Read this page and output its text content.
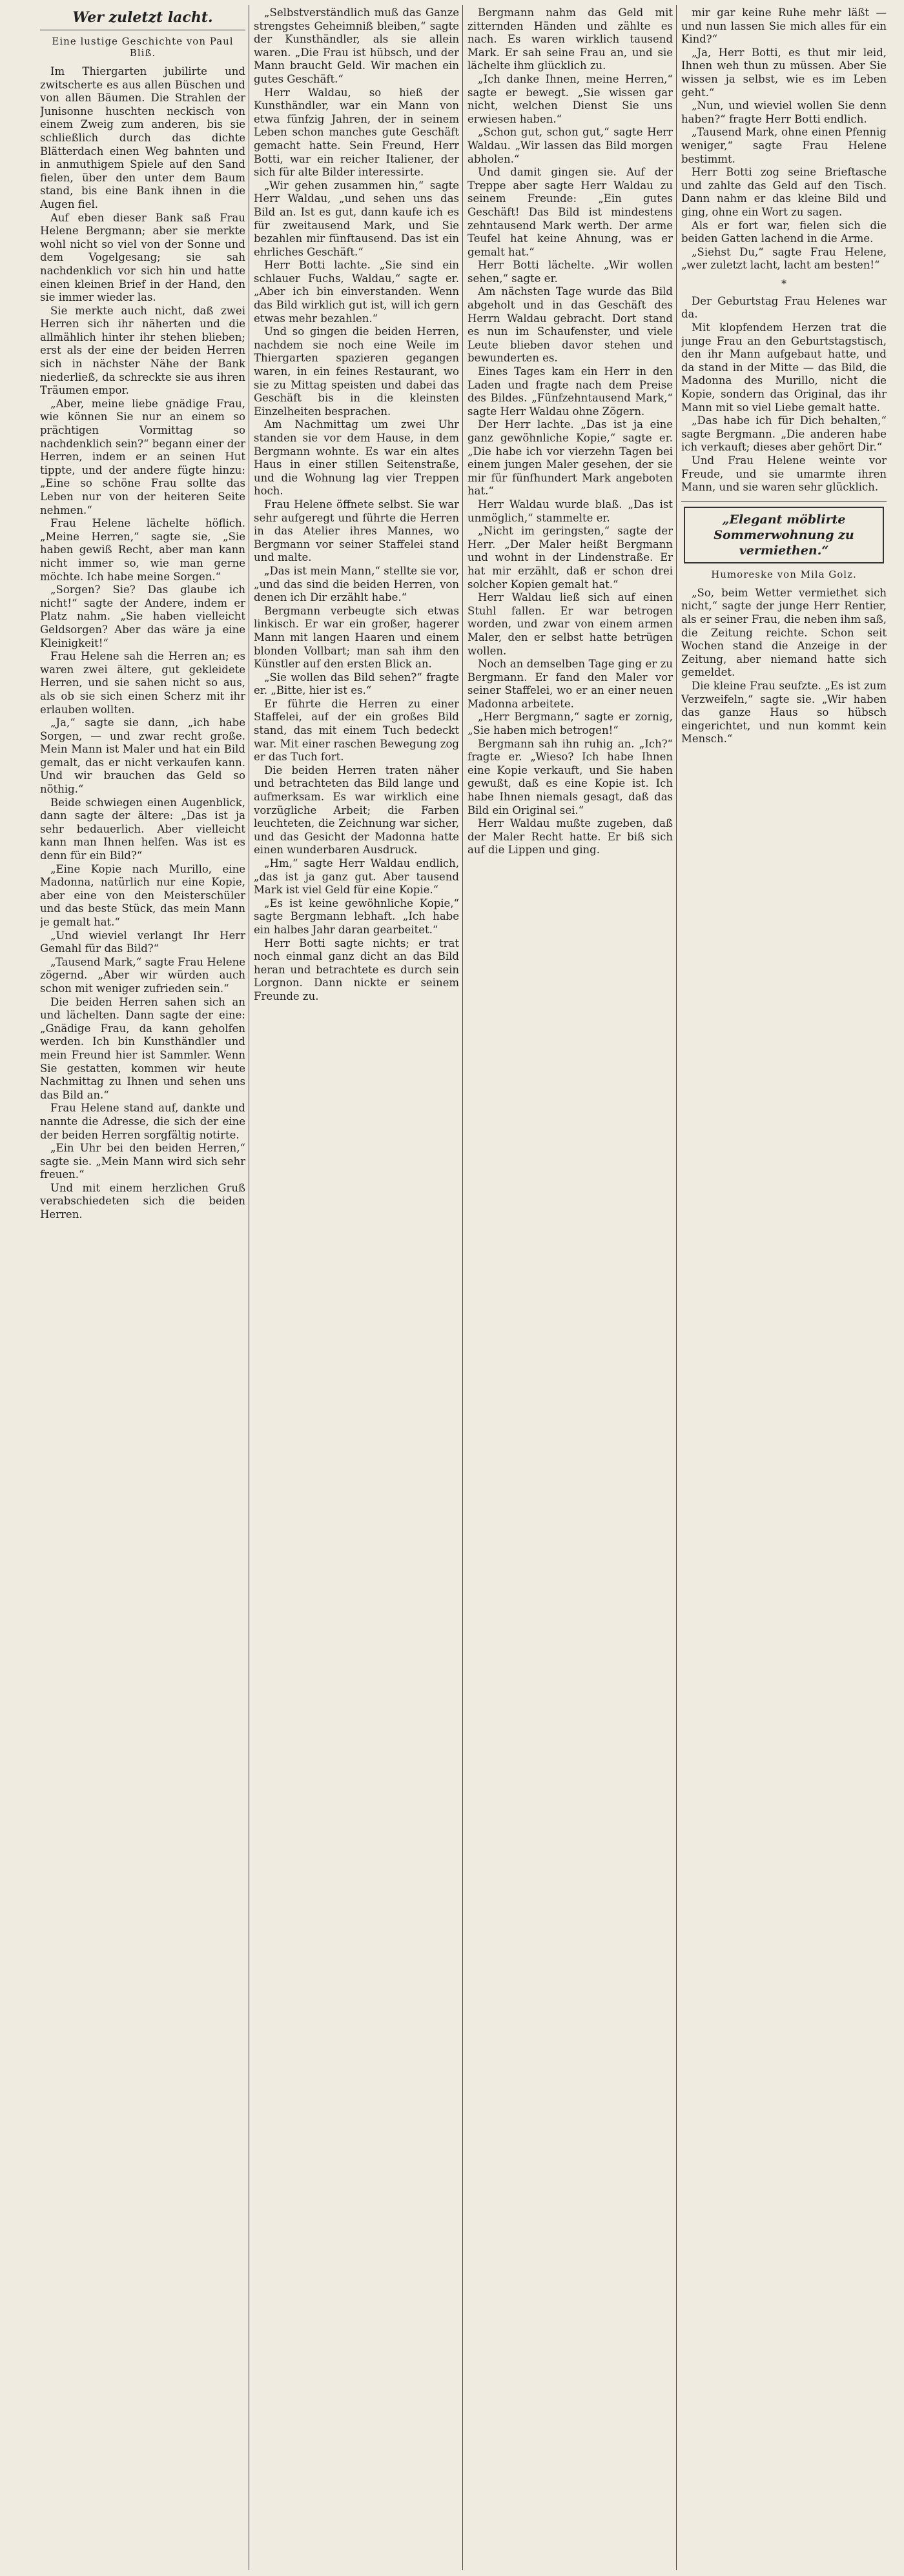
Wer zuletzt lacht.
Eine lustige Geschichte von Paul Bliß.

Im Thiergarten jubilirte und zwitscherte es aus allen Büschen und von allen Bäumen. Die Strahlen der Junisonne huschten neckisch von einem Zweig zum anderen, bis sie schließlich durch das dichte Blätterdach einen Weg bahnten und in anmuthigem Spiele auf den Sand fielen, über den unter dem Baum stand, bis eine Bank ihnen in die Augen fiel.

Auf eben dieser Bank saß Frau Helene Bergmann; aber sie merkte wohl nicht so viel von der Sonne und dem Vogelgesang; sie sah nachdenklich vor sich hin und hatte einen kleinen Brief in der Hand, den sie immer wieder las.

Sie merkte auch nicht, daß zwei Herren sich ihr näherten und die allmählich hinter ihr stehen blieben; erst als der eine der beiden Herren sich in nächster Nähe der Bank niederließ, da schreckte sie aus ihren Träumen empor.

„Aber, meine liebe gnädige Frau, wie können Sie nur an einem so prächtigen Vormittag so nachdenklich sein?“ begann einer der Herren, indem er an seinen Hut tippte, und der andere fügte hinzu: „Eine so schöne Frau sollte das Leben nur von der heiteren Seite nehmen.“

Frau Helene lächelte höflich. „Meine Herren,“ sagte sie, „Sie haben gewiß Recht, aber man kann nicht immer so, wie man gerne möchte. Ich habe meine Sorgen.“

„Sorgen? Sie? Das glaube ich nicht!“ sagte der Andere, indem er Platz nahm. „Sie haben vielleicht Geldsorgen? Aber das wäre ja eine Kleinigkeit!“

Frau Helene sah die Herren an; es waren zwei ältere, gut gekleidete Herren, und sie sahen nicht so aus, als ob sie sich einen Scherz mit ihr erlauben wollten.

„Ja,“ sagte sie dann, „ich habe Sorgen, — und zwar recht große. Mein Mann ist Maler und hat ein Bild gemalt, das er nicht verkaufen kann. Und wir brauchen das Geld so nöthig.“

Beide schwiegen einen Augenblick, dann sagte der ältere: „Das ist ja sehr bedauerlich. Aber vielleicht kann man Ihnen helfen. Was ist es denn für ein Bild?“

„Eine Kopie nach Murillo, eine Madonna, natürlich nur eine Kopie, aber eine von den Meisterschüler und das beste Stück, das mein Mann je gemalt hat.“

„Und wieviel verlangt Ihr Herr Gemahl für das Bild?“

„Tausend Mark,“ sagte Frau Helene zögernd. „Aber wir würden auch schon mit weniger zufrieden sein.“

Die beiden Herren sahen sich an und lächelten. Dann sagte der eine: „Gnädige Frau, da kann geholfen werden. Ich bin Kunsthändler und mein Freund hier ist Sammler. Wenn Sie gestatten, kommen wir heute Nachmittag zu Ihnen und sehen uns das Bild an.“

Frau Helene stand auf, dankte und nannte die Adresse, die sich der eine der beiden Herren sorgfältig notirte.

„Ein Uhr bei den beiden Herren,“ sagte sie. „Mein Mann wird sich sehr freuen.“

Und mit einem herzlichen Gruß verabschiedeten sich die beiden Herren.

„Selbstverständlich muß das Ganze strengstes Geheimniß bleiben,“ sagte der Kunsthändler, als sie allein waren. „Die Frau ist hübsch, und der Mann braucht Geld. Wir machen ein gutes Geschäft.“

Herr Waldau, so hieß der Kunsthändler, war ein Mann von etwa fünfzig Jahren, der in seinem Leben schon manches gute Geschäft gemacht hatte. Sein Freund, Herr Botti, war ein reicher Italiener, der sich für alte Bilder interessirte.

„Wir gehen zusammen hin,“ sagte Herr Waldau, „und sehen uns das Bild an. Ist es gut, dann kaufe ich es für zweitausend Mark, und Sie bezahlen mir fünftausend. Das ist ein ehrliches Geschäft.“

Herr Botti lachte. „Sie sind ein schlauer Fuchs, Waldau,“ sagte er. „Aber ich bin einverstanden. Wenn das Bild wirklich gut ist, will ich gern etwas mehr bezahlen.“

Und so gingen die beiden Herren, nachdem sie noch eine Weile im Thiergarten spazieren gegangen waren, in ein feines Restaurant, wo sie zu Mittag speisten und dabei das Geschäft bis in die kleinsten Einzelheiten besprachen.

Am Nachmittag um zwei Uhr standen sie vor dem Hause, in dem Bergmann wohnte. Es war ein altes Haus in einer stillen Seitenstraße, und die Wohnung lag vier Treppen hoch.

Frau Helene öffnete selbst. Sie war sehr aufgeregt und führte die Herren in das Atelier ihres Mannes, wo Bergmann vor seiner Staffelei stand und malte.

„Das ist mein Mann,“ stellte sie vor, „und das sind die beiden Herren, von denen ich Dir erzählt habe.“

Bergmann verbeugte sich etwas linkisch. Er war ein großer, hagerer Mann mit langen Haaren und einem blonden Vollbart; man sah ihm den Künstler auf den ersten Blick an.

„Sie wollen das Bild sehen?“ fragte er. „Bitte, hier ist es.“

Er führte die Herren zu einer Staffelei, auf der ein großes Bild stand, das mit einem Tuch bedeckt war. Mit einer raschen Bewegung zog er das Tuch fort.

Die beiden Herren traten näher und betrachteten das Bild lange und aufmerksam. Es war wirklich eine vorzügliche Arbeit; die Farben leuchteten, die Zeichnung war sicher, und das Gesicht der Madonna hatte einen wunderbaren Ausdruck.

„Hm,“ sagte Herr Waldau endlich, „das ist ja ganz gut. Aber tausend Mark ist viel Geld für eine Kopie.“

„Es ist keine gewöhnliche Kopie,“ sagte Bergmann lebhaft. „Ich habe ein halbes Jahr daran gearbeitet.“

Herr Botti sagte nichts; er trat noch einmal ganz dicht an das Bild heran und betrachtete es durch sein Lorgnon. Dann nickte er seinem Freunde zu.

Bergmann nahm das Geld mit zitternden Händen und zählte es nach. Es waren wirklich tausend Mark. Er sah seine Frau an, und sie lächelte ihm glücklich zu.

„Ich danke Ihnen, meine Herren,“ sagte er bewegt. „Sie wissen gar nicht, welchen Dienst Sie uns erwiesen haben.“

„Schon gut, schon gut,“ sagte Herr Waldau. „Wir lassen das Bild morgen abholen.“

Und damit gingen sie. Auf der Treppe aber sagte Herr Waldau zu seinem Freunde: „Ein gutes Geschäft! Das Bild ist mindestens zehntausend Mark werth. Der arme Teufel hat keine Ahnung, was er gemalt hat.“

Herr Botti lächelte. „Wir wollen sehen,“ sagte er.

Am nächsten Tage wurde das Bild abgeholt und in das Geschäft des Herrn Waldau gebracht. Dort stand es nun im Schaufenster, und viele Leute blieben davor stehen und bewunderten es.

Eines Tages kam ein Herr in den Laden und fragte nach dem Preise des Bildes. „Fünfzehntausend Mark,“ sagte Herr Waldau ohne Zögern.

Der Herr lachte. „Das ist ja eine ganz gewöhnliche Kopie,“ sagte er. „Die habe ich vor vierzehn Tagen bei einem jungen Maler gesehen, der sie mir für fünfhundert Mark angeboten hat.“

Herr Waldau wurde blaß. „Das ist unmöglich,“ stammelte er.

„Nicht im geringsten,“ sagte der Herr. „Der Maler heißt Bergmann und wohnt in der Lindenstraße. Er hat mir erzählt, daß er schon drei solcher Kopien gemalt hat.“

Herr Waldau ließ sich auf einen Stuhl fallen. Er war betrogen worden, und zwar von einem armen Maler, den er selbst hatte betrügen wollen.

Noch an demselben Tage ging er zu Bergmann. Er fand den Maler vor seiner Staffelei, wo er an einer neuen Madonna arbeitete.

„Herr Bergmann,“ sagte er zornig, „Sie haben mich betrogen!“

Bergmann sah ihn ruhig an. „Ich?“ fragte er. „Wieso? Ich habe Ihnen eine Kopie verkauft, und Sie haben gewußt, daß es eine Kopie ist. Ich habe Ihnen niemals gesagt, daß das Bild ein Original sei.“

Herr Waldau mußte zugeben, daß der Maler Recht hatte. Er biß sich auf die Lippen und ging.

mir gar keine Ruhe mehr läßt — und nun lassen Sie mich alles für ein Kind?“

„Ja, Herr Botti, es thut mir leid, Ihnen weh thun zu müssen. Aber Sie wissen ja selbst, wie es im Leben geht.“

„Nun, und wieviel wollen Sie denn haben?“ fragte Herr Botti endlich.

„Tausend Mark, ohne einen Pfennig weniger,“ sagte Frau Helene bestimmt.

Herr Botti zog seine Brieftasche und zahlte das Geld auf den Tisch. Dann nahm er das kleine Bild und ging, ohne ein Wort zu sagen.

Als er fort war, fielen sich die beiden Gatten lachend in die Arme.

„Siehst Du,“ sagte Frau Helene, „wer zuletzt lacht, lacht am besten!“

*

Der Geburtstag Frau Helenes war da.

Mit klopfendem Herzen trat die junge Frau an den Geburtstagstisch, den ihr Mann aufgebaut hatte, und da stand in der Mitte — das Bild, die Madonna des Murillo, nicht die Kopie, sondern das Original, das ihr Mann mit so viel Liebe gemalt hatte.

„Das habe ich für Dich behalten,“ sagte Bergmann. „Die anderen habe ich verkauft; dieses aber gehört Dir.“

Und Frau Helene weinte vor Freude, und sie umarmte ihren Mann, und sie waren sehr glücklich.

„Elegant möblirte Sommerwohnung zu vermiethen.“
Humoreske von Mila Golz.

„So, beim Wetter vermiethet sich nicht,“ sagte der junge Herr Rentier, als er seiner Frau, die neben ihm saß, die Zeitung reichte. Schon seit Wochen stand die Anzeige in der Zeitung, aber niemand hatte sich gemeldet.

Die kleine Frau seufzte. „Es ist zum Verzweifeln,“ sagte sie. „Wir haben das ganze Haus so hübsch eingerichtet, und nun kommt kein Mensch.“
